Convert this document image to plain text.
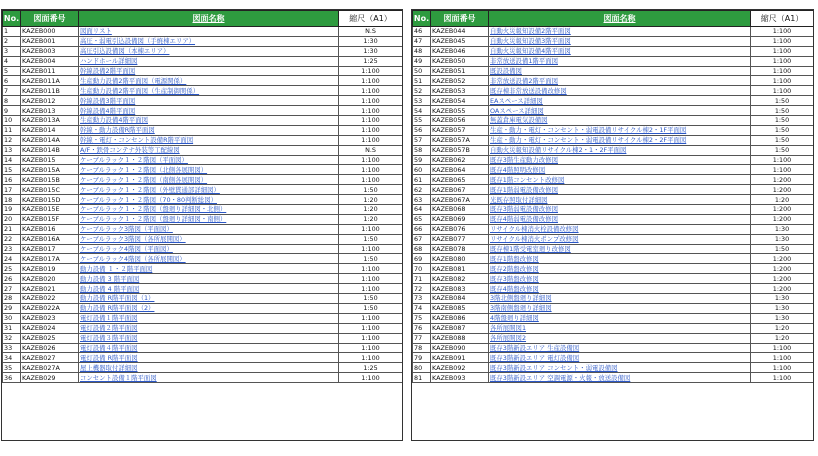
No.	図面番号	図面名称	縮尺（A1）
1	KAZEB000	図面リスト	N.S
2	KAZEB001	高圧・弱電引込設備図（手焼棟エリア）	1:30
3	KAZEB003	高圧引込設備図（本棟エリア）	1:30
4	KAZEB004	ハンドホール詳細図	1:25
5	KAZEB011	幹線設備2階平面図	1:100
6	KAZEB011A	生産動力設備2階平面図（電源関係）	1:100
7	KAZEB011B	生産動力設備2階平面図（生産制御関係）	1:100
8	KAZEB012	幹線設備3階平面図	1:100
9	KAZEB013	幹線設備4階平面図	1:100
10	KAZEB013A	生産動力設備4階平面図	1:100
11	KAZEB014	幹線・動力設備R階平面図	1:100
12	KAZEB014A	幹線・電灯・コンセント設備R階平面図	1:100
13	KAZEB014B	A/F・鉄骨コンテナ外装等工配線図	N.S
14	KAZEB015	ケーブルラック１・２階図（平面図）	1:100
15	KAZEB015A	ケーブルラック１・２階図（北側各展開図）	1:100
16	KAZEB015B	ケーブルラック１・２階図（南側各展開図）	1:100
17	KAZEB015C	ケーブルラック１・２階図（外壁貫通部詳細図）	1:50
18	KAZEB015D	ケーブルラック１・２階図（70・80判断総図）	1:20
19	KAZEB015E	ケーブルラック１・２階図（盤廻り詳細図・北側）	1:20
20	KAZEB015F	ケーブルラック１・２階図（盤廻り詳細図・南側）	1:20
21	KAZEB016	ケーブルラック3階図（平面図）	1:100
22	KAZEB016A	ケーブルラック3階図（各所展開図）	1:50
23	KAZEB017	ケーブルラック4階図（平面図）	1:100
24	KAZEB017A	ケーブルラック4階図（各所展開図）	1:50
25	KAZEB019	動力設備 １・２階平面図	1:100
26	KAZEB020	動力設備 3 階平面図	1:100
27	KAZEB021	動力設備 4 階平面図	1:100
28	KAZEB022	動力設備 R階平面図（1）	1:50
29	KAZEB022A	動力設備 R階平面図（2）	1:50
30	KAZEB023	電灯設備１階平面図	1:100
31	KAZEB024	電灯設備２階平面図	1:100
32	KAZEB025	電灯設備３階平面図	1:100
33	KAZEB026	電灯設備４階平面図	1:100
34	KAZEB027	電灯設備 R階平面図	1:100
35	KAZEB027A	屋上機器取付詳細図	1:25
36	KAZEB029	コンセント設備１階平面図	1:100
No.	図面番号	図面名称	縮尺（A1）
46	KAZEB044	自動火災報知設備2階平面図	1:100
47	KAZEB045	自動火災報知設備3階平面図	1:100
48	KAZEB046	自動火災報知設備4階平面図	1:100
49	KAZEB050	非常放送設備1階平面図	1:100
50	KAZEB051	既設設備図	1:100
51	KAZEB052	非常放送設備2階平面図	1:100
52	KAZEB053	既存棟非常放送設備改修図	1:100
53	KAZEB054	EAスペース詳細図	1:50
54	KAZEB055	OAスペース詳細図	1:50
55	KAZEB056	無蓋倉庫電気設備図	1:50
56	KAZEB057	生産・動力・電灯・コンセント・弱電設備リサイクル棟2・1F平面図	1:50
57	KAZEB057A	生産・動力・電灯・コンセント・弱電設備リサイクル棟2・2F平面図	1:50
58	KAZEB057B	自動火災報知設備リサイクル棟2・1・2F平面図	1:50
59	KAZEB062	既存3階生産動力改修図	1:100
60	KAZEB064	既存4階照明改修図	1:100
61	KAZEB065	既存1階コンセント改修図	1:200
62	KAZEB067	既存1階弱電設備改修図	1:200
63	KAZEB067A	光既存照取付詳細図	1:20
64	KAZEB068	既存3階弱電設備改修図	1:200
65	KAZEB069	既存4階弱電設備改修図	1:200
66	KAZEB076	リサイクル棟消火栓設備改修図	1:30
67	KAZEB077	リサイクル棟消火ポンプ改修図	1:30
68	KAZEB078	既存棟1階受電室廻り改修図	1:50
69	KAZEB080	既存1階盤改修図	1:200
70	KAZEB081	既存2階盤改修図	1:200
71	KAZEB082	既存3階盤改修図	1:200
72	KAZEB083	既存4階盤改修図	1:200
73	KAZEB084	3階北側盤廻り詳細図	1:30
74	KAZEB085	3階南側盤廻り詳細図	1:30
75	KAZEB086	4階盤廻り詳細図	1:30
76	KAZEB087	各所展開図1	1:20
77	KAZEB088	各所展開図2	1:20
78	KAZEB090	既存3階新設エリア 生産設備図	1:100
79	KAZEB091	既存3階新設エリア 電灯設備図	1:100
80	KAZEB092	既存3階新設エリア コンセント・弱電設備図	1:100
81	KAZEB093	既存3階新設エリア 空調電源・火報・放送設備図	1:100
